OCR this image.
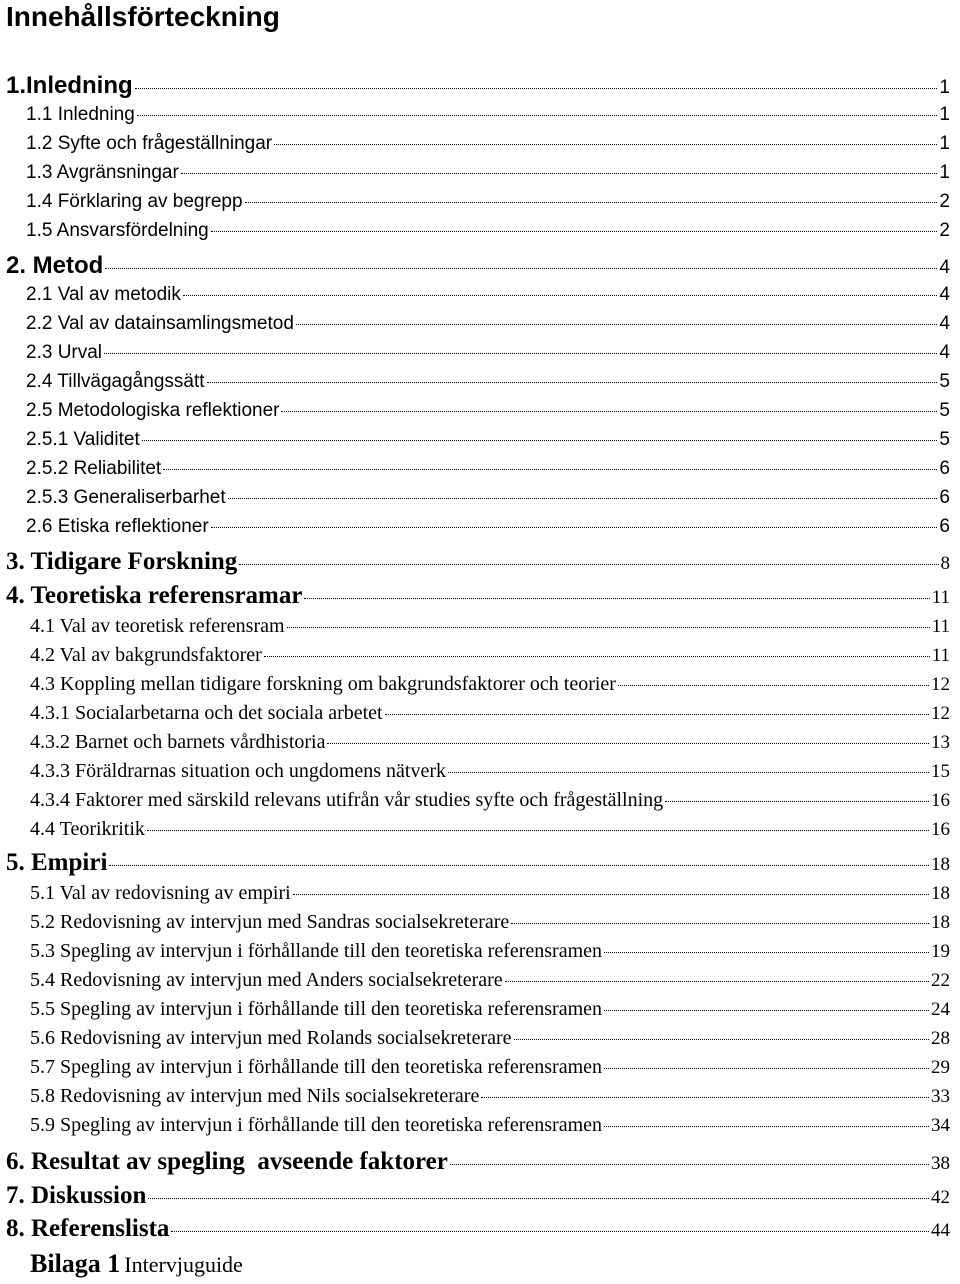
Innehållsförteckning
1.Inledning	1
1.1 Inledning	1
1.2 Syfte och frågeställningar	1
1.3 Avgränsningar	1
1.4 Förklaring av begrepp	2
1.5 Ansvarsfördelning	2
2. Metod	4
2.1 Val av metodik	4
2.2 Val av datainsamlingsmetod	4
2.3 Urval	4
2.4 Tillvägagångssätt	5
2.5 Metodologiska reflektioner	5
2.5.1 Validitet	5
2.5.2 Reliabilitet	6
2.5.3 Generaliserbarhet	6
2.6 Etiska reflektioner	6
3. Tidigare Forskning	8
4. Teoretiska referensramar	11
4.1 Val av teoretisk referensram	11
4.2 Val av bakgrundsfaktorer	11
4.3 Koppling mellan tidigare forskning om bakgrundsfaktorer och teorier	12
4.3.1 Socialarbetarna och det sociala arbetet	12
4.3.2 Barnet och barnets vårdhistoria	13
4.3.3 Föräldrarnas situation och ungdomens nätverk	15
4.3.4 Faktorer med särskild relevans utifrån vår studies syfte och frågeställning	16
4.4 Teorikritik	16
5. Empiri	18
5.1 Val av redovisning av empiri	18
5.2 Redovisning av intervjun med Sandras socialsekreterare	18
5.3 Spegling av intervjun i förhållande till den teoretiska referensramen	19
5.4 Redovisning av intervjun med Anders socialsekreterare	22
5.5 Spegling av intervjun i förhållande till den teoretiska referensramen	24
5.6 Redovisning av intervjun med Rolands socialsekreterare	28
5.7 Spegling av intervjun i förhållande till den teoretiska referensramen	29
5.8 Redovisning av intervjun med Nils socialsekreterare	33
5.9 Spegling av intervjun i förhållande till den teoretiska referensramen	34
6. Resultat av spegling  avseende faktorer	38
7. Diskussion	42
8. Referenslista	44
Bilaga 1 Intervjuguide
